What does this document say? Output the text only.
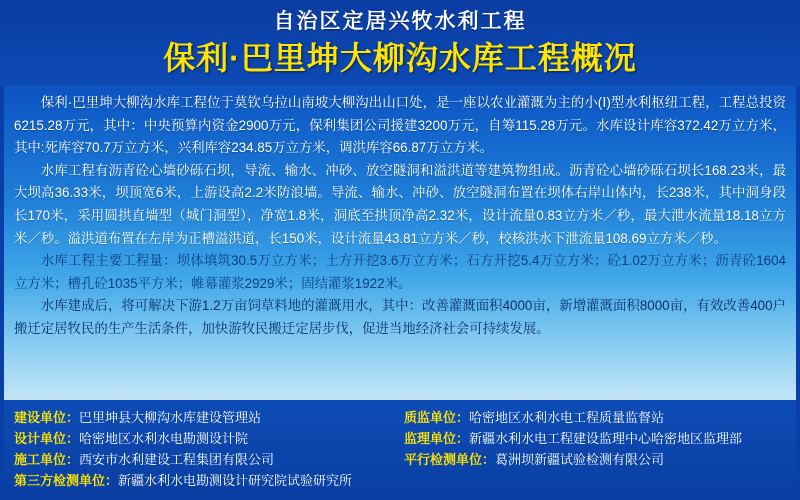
自治区定居兴牧水利工程
保利·巴里坤大柳沟水库工程概况

保利·巴里坤大柳沟水库工程位于莫钦乌拉山南坡大柳沟出山口处，是一座以农业灌溉为主的小(Ⅰ)型水利枢纽工程，工程总投资6215.28万元，其中：中央预算内资金2900万元，保利集团公司援建3200万元，自筹115.28万元。水库设计库容372.42万立方米，其中:死库容70.7万立方米，兴利库容234.85万立方米，调洪库容66.87万立方米。

水库工程有沥青砼心墙砂砾石坝，导流、输水、冲砂、放空隧洞和溢洪道等建筑物组成。沥青砼心墙砂砾石坝长168.23米，最大坝高36.33米，坝顶宽6米，上游设高2.2米防浪墙。导流、输水、冲砂、放空隧洞布置在坝体右岸山体内，长238米，其中洞身段长170米，采用圆拱直墙型（城门洞型），净宽1.8米，洞底至拱顶净高2.32米，设计流量0.83立方米／秒，最大泄水流量18.18立方米／秒。溢洪道布置在左岸为正槽溢洪道，长150米，设计流量43.81立方米／秒，校核洪水下泄流量108.69立方米／秒。

水库工程主要工程量：坝体填筑30.5万立方米；土方开挖3.6万立方米；石方开挖5.4万立方米；砼1.02万立方米；沥青砼1604立方米；槽孔砼1035平方米；帷幕灌浆2929米；固结灌浆1922米。

水库建成后，将可解决下游1.2万亩饲草料地的灌溉用水，其中：改善灌溉面积4000亩，新增灌溉面积8000亩，有效改善400户搬迁定居牧民的生产生活条件，加快游牧民搬迁定居步伐，促进当地经济社会可持续发展。

建设单位：巴里坤县大柳沟水库建设管理站	质监单位：哈密地区水利水电工程质量监督站
设计单位：哈密地区水利水电勘测设计院	监理单位：新疆水利水电工程建设监理中心哈密地区监理部
施工单位：西安市水利建设工程集团有限公司	平行检测单位：葛洲坝新疆试验检测有限公司
第三方检测单位：新疆水利水电勘测设计研究院试验研究所
